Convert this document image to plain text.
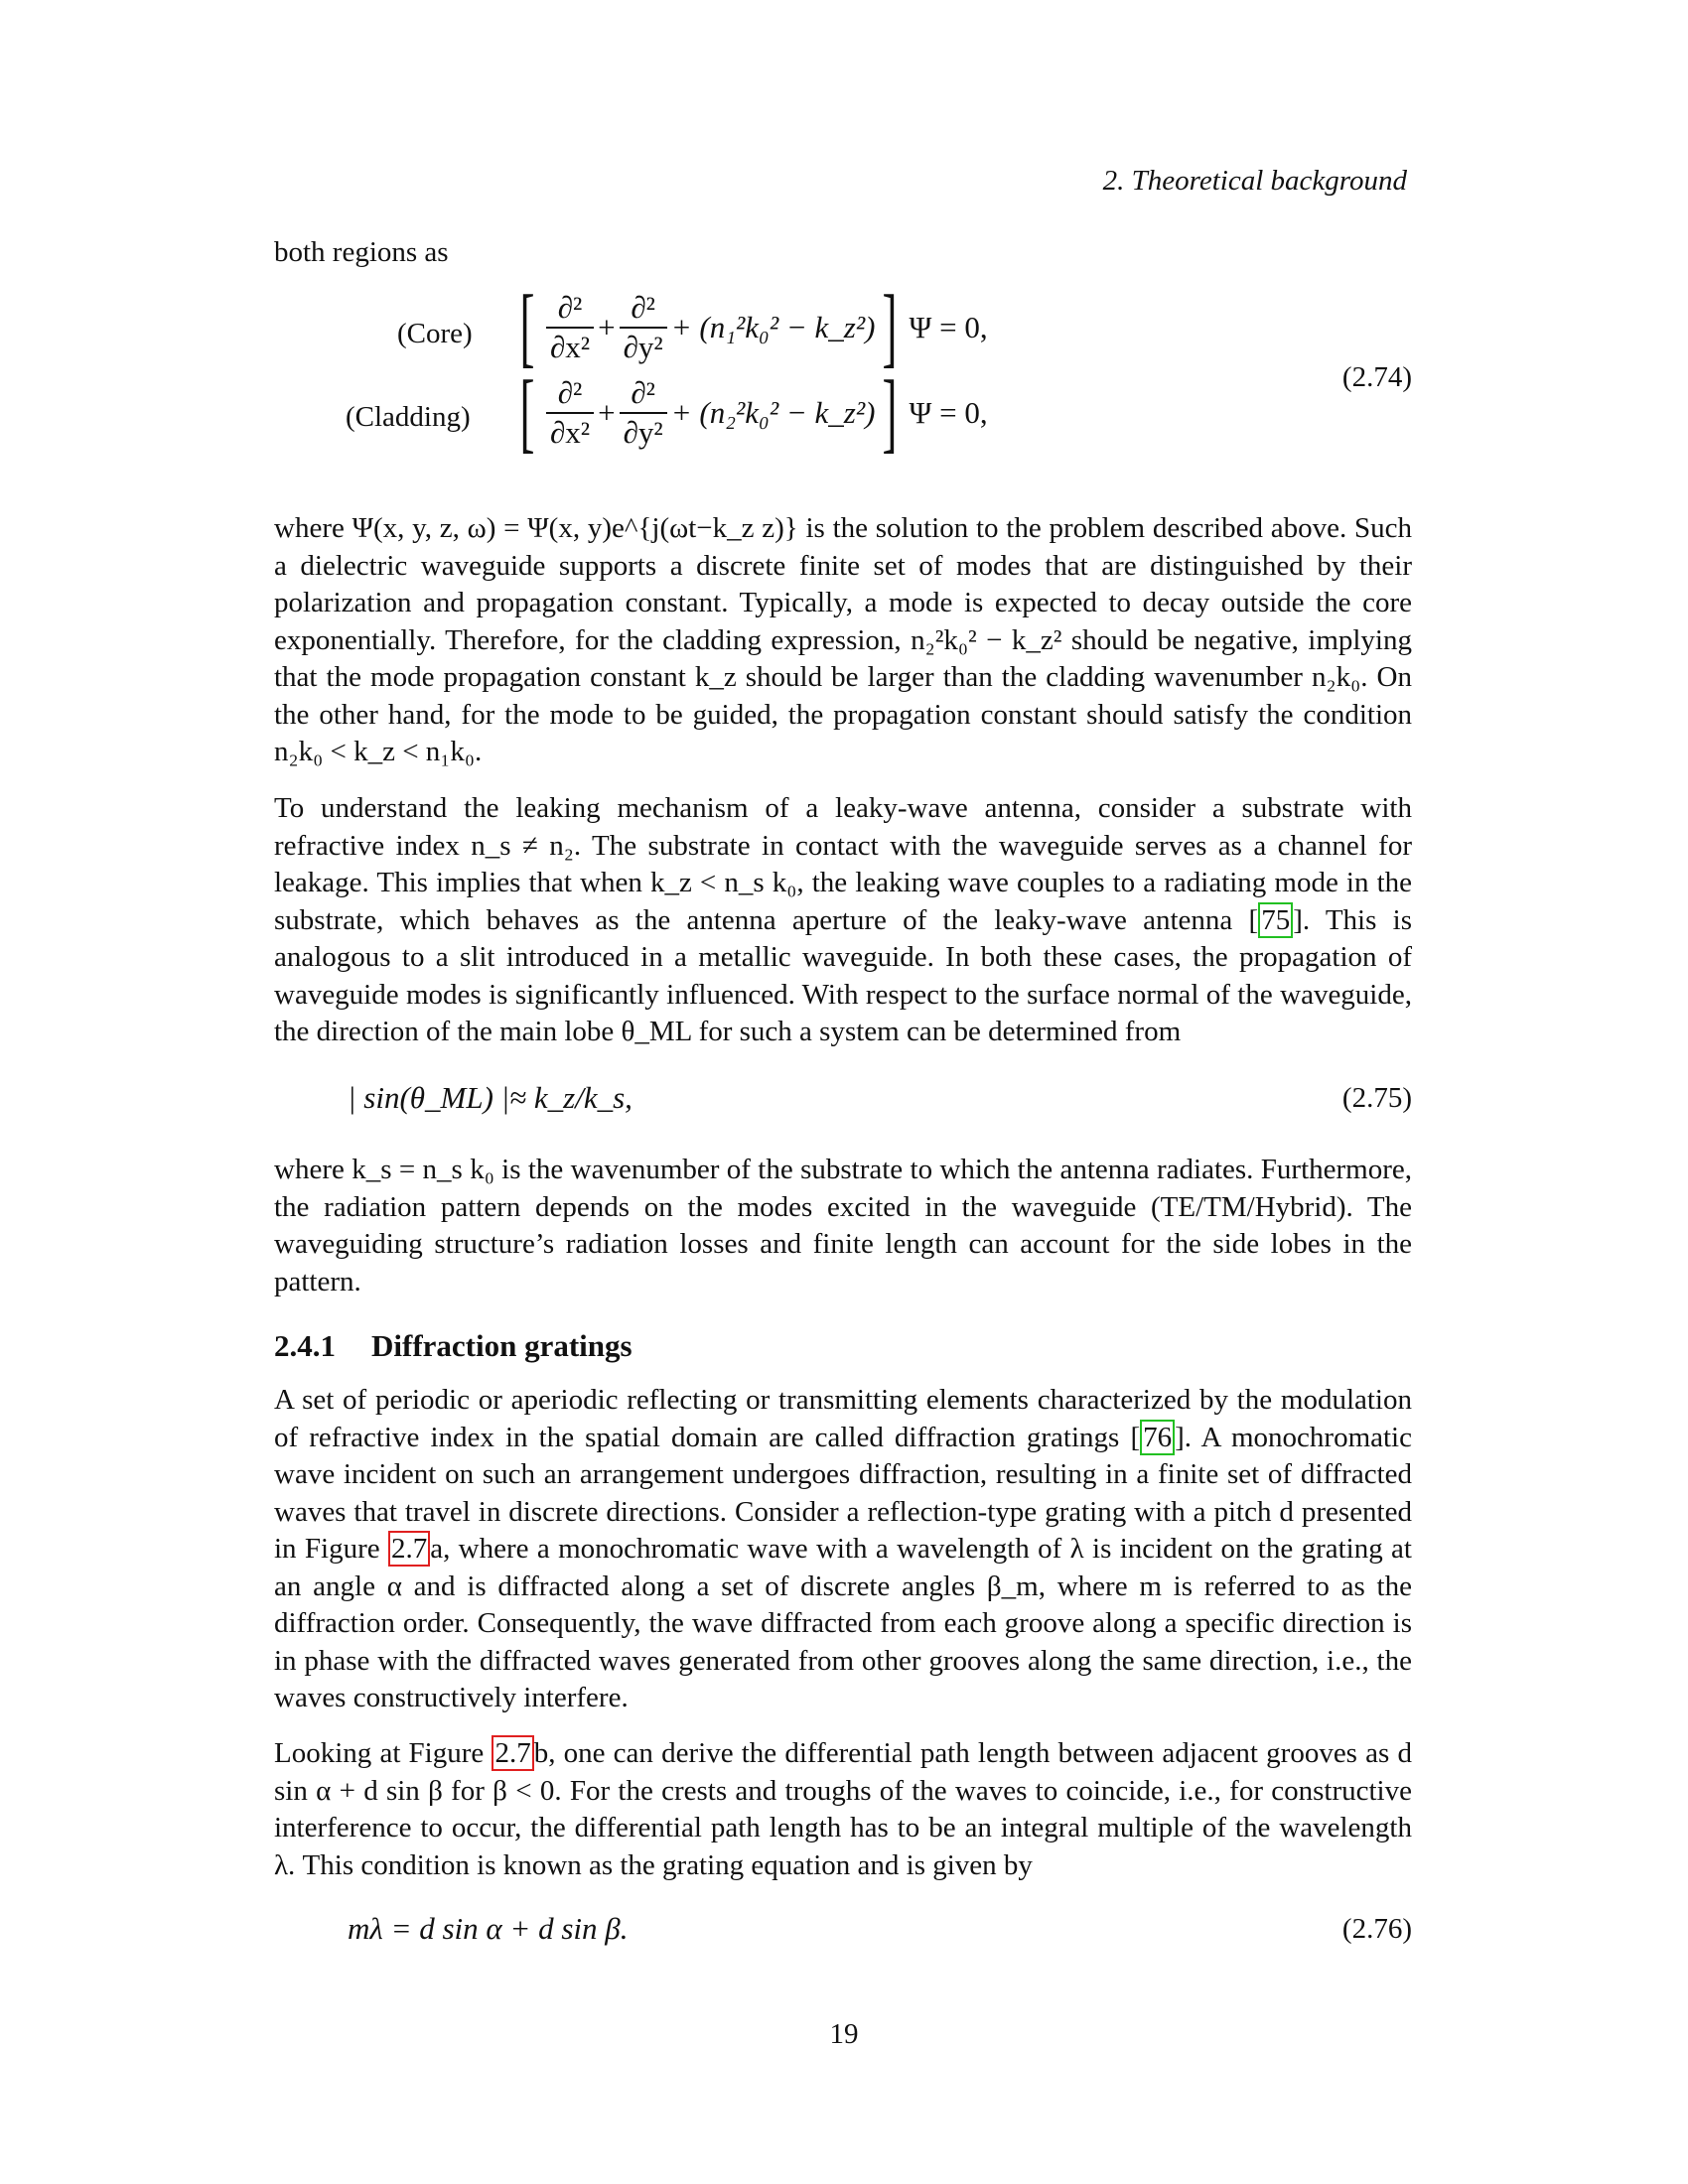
2. Theoretical background
both regions as
(Core)
(Cladding)
[ $\frac{\text{∂²}}{\text{∂x²}} + \frac{\text{∂²}}{\text{∂y²}} + (n_1^2k_0^2$ − k_z²) ] Ψ = 0,
[ $\frac{\text{∂²}}{\text{∂x²}} + \frac{\text{∂²}}{\text{∂y²}} + (n_2^2k_0^2$ − k_z²) ] Ψ = 0,
(2.74)

where Ψ(x, y, z, ω) = Ψ(x, y)e^{j(ωt−k_z z)} is the solution to the problem described above. Such a dielectric waveguide supports a discrete finite set of modes that are distinguished by their polarization and propagation constant. Typically, a mode is expected to decay outside the core exponentially. Therefore, for the cladding expression, n₂²k₀² − k_z² should be negative, implying that the mode propagation constant k_z should be larger than the cladding wavenumber n₂k₀. On the other hand, for the mode to be guided, the propagation constant should satisfy the condition n₂k₀ < k_z < n₁k₀.

To understand the leaking mechanism of a leaky-wave antenna, consider a substrate with refractive index n_s ≠ n₂. The substrate in contact with the waveguide serves as a channel for leakage. This implies that when k_z < n_s k₀, the leaking wave couples to a radiating mode in the substrate, which behaves as the antenna aperture of the leaky-wave antenna [ 75 ]. This is analogous to a slit introduced in a metallic waveguide. In both these cases, the propagation of waveguide modes is significantly influenced. With respect to the surface normal of the waveguide, the direction of the main lobe θ_ML for such a system can be determined from

| sin(θ_ML) |≈ k_z/k_s,	(2.75)

where k_s = n_s k₀ is the wavenumber of the substrate to which the antenna radiates. Furthermore, the radiation pattern depends on the modes excited in the waveguide (TE/TM/Hybrid). The waveguiding structure’s radiation losses and finite length can account for the side lobes in the pattern.

2.4.1 Diffraction gratings

A set of periodic or aperiodic reflecting or transmitting elements characterized by the modulation of refractive index in the spatial domain are called diffraction gratings [ 76 ]. A monochromatic wave incident on such an arrangement undergoes diffraction, resulting in a finite set of diffracted waves that travel in discrete directions. Consider a reflection-type grating with a pitch d presented in Figure 2.7 a, where a monochromatic wave with a wavelength of λ is incident on the grating at an angle α and is diffracted along a set of discrete angles β_m, where m is referred to as the diffraction order. Consequently, the wave diffracted from each groove along a specific direction is in phase with the diffracted waves generated from other grooves along the same direction, i.e., the waves constructively interfere.

Looking at Figure 2.7 b, one can derive the differential path length between adjacent grooves as d sin α + d sin β for β < 0. For the crests and troughs of the waves to coincide, i.e., for constructive interference to occur, the differential path length has to be an integral multiple of the wavelength λ. This condition is known as the grating equation and is given by

mλ = d sin α + d sin β.	(2.76)
19
